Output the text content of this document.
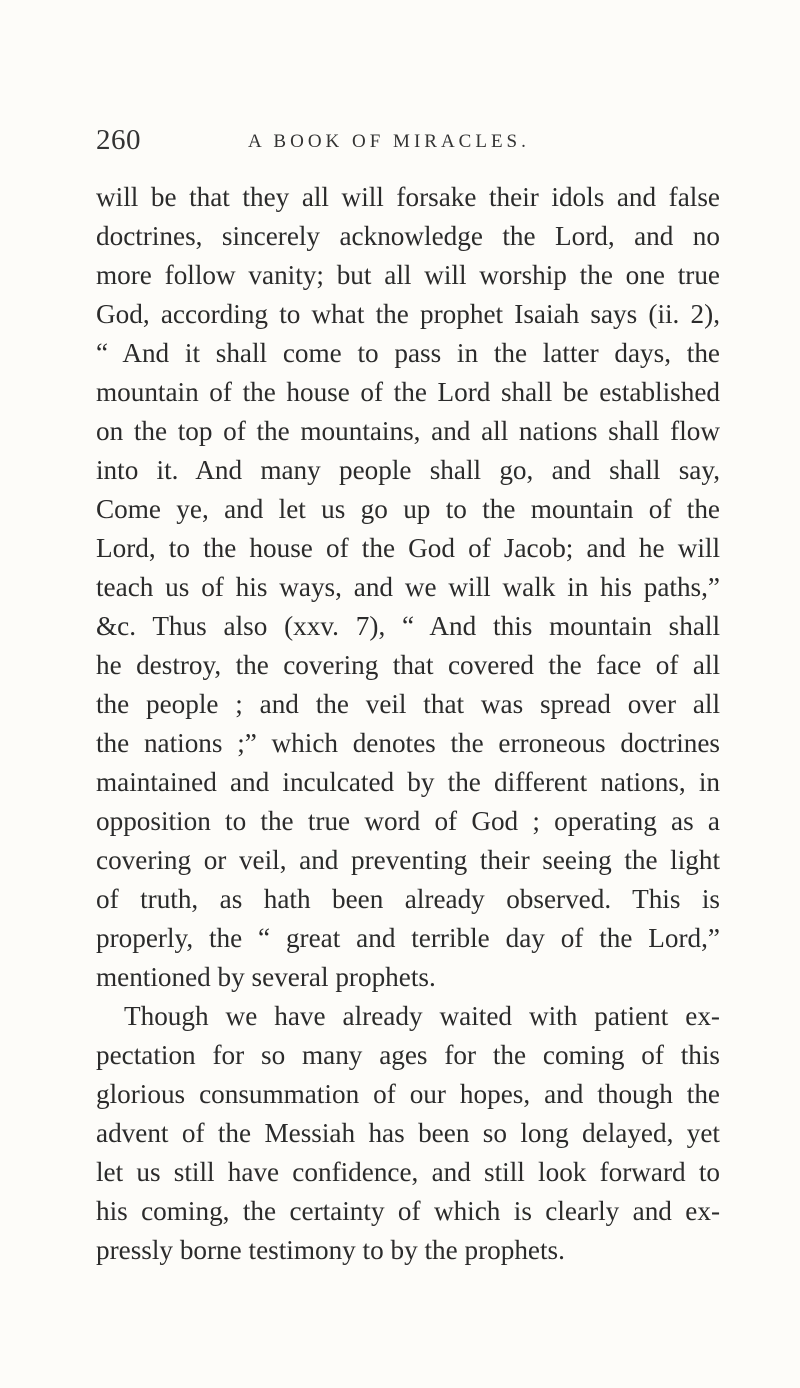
260	A BOOK OF MIRACLES.
will be that they all will forsake their idols and false
doctrines, sincerely acknowledge the Lord, and no
more follow vanity; but all will worship the one true
God, according to what the prophet Isaiah says (ii. 2),
“ And it shall come to pass in the latter days, the
mountain of the house of the Lord shall be established
on the top of the mountains, and all nations shall flow
into it. And many people shall go, and shall say,
Come ye, and let us go up to the mountain of the
Lord, to the house of the God of Jacob; and he will
teach us of his ways, and we will walk in his paths,”
&c. Thus also (xxv. 7), “ And this mountain shall
he destroy, the covering that covered the face of all
the people ; and the veil that was spread over all
the nations ;” which denotes the erroneous doctrines
maintained and inculcated by the different nations, in
opposition to the true word of God ; operating as a
covering or veil, and preventing their seeing the light
of truth, as hath been already observed. This is
properly, the “ great and terrible day of the Lord,”
mentioned by several prophets.
Though we have already waited with patient ex-
pectation for so many ages for the coming of this
glorious consummation of our hopes, and though the
advent of the Messiah has been so long delayed, yet
let us still have confidence, and still look forward to
his coming, the certainty of which is clearly and ex-
pressly borne testimony to by the prophets.
